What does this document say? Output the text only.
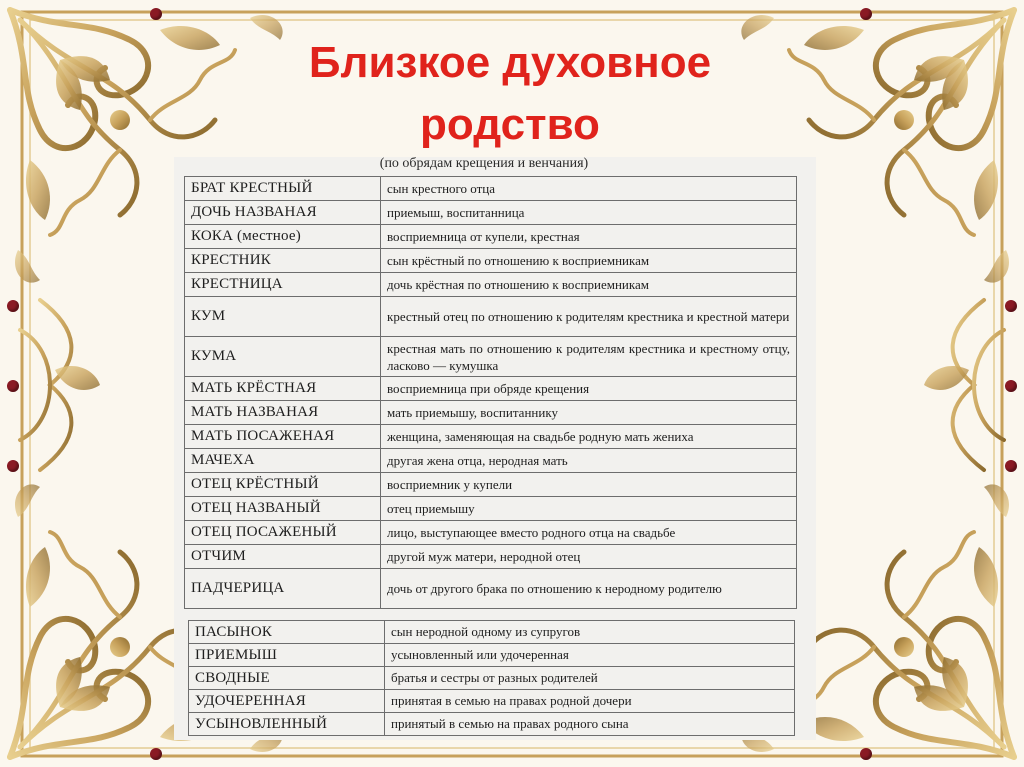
Близкое духовное
родство
(по обрядам крещения и венчания)
БРАТ КРЕСТНЫЙ	сын крестного отца
ДОЧЬ НАЗВАНАЯ	приемыш, воспитанница
КОКА (местное)	восприемница от купели, крестная
КРЕСТНИК	сын крёстный по отношению к восприемникам
КРЕСТНИЦА	дочь крёстная по отношению к восприемникам
КУМ	крестный отец по отношению к родителям крестника и крестной матери
КУМА	крестная мать по отношению к родителям крестника и крестному отцу, ласково — кумушка
МАТЬ КРЁСТНАЯ	восприемница при обряде крещения
МАТЬ НАЗВАНАЯ	мать приемышу, воспитаннику
МАТЬ ПОСАЖЕНАЯ	женщина, заменяющая на свадьбе родную мать жениха
МАЧЕХА	другая жена отца, неродная мать
ОТЕЦ КРЁСТНЫЙ	восприемник у купели
ОТЕЦ НАЗВАНЫЙ	отец приемышу
ОТЕЦ ПОСАЖЕНЫЙ	лицо, выступающее вместо родного отца на свадьбе
ОТЧИМ	другой муж матери, неродной отец
ПАДЧЕРИЦА	дочь от другого брака по отношению к неродному родителю
ПАСЫНОК	сын неродной одному из супругов
ПРИЕМЫШ	усыновленный или удочеренная
СВОДНЫЕ	братья и сестры от разных родителей
УДОЧЕРЕННАЯ	принятая в семью на правах родной дочери
УСЫНОВЛЕННЫЙ	принятый в семью на правах родного сына
